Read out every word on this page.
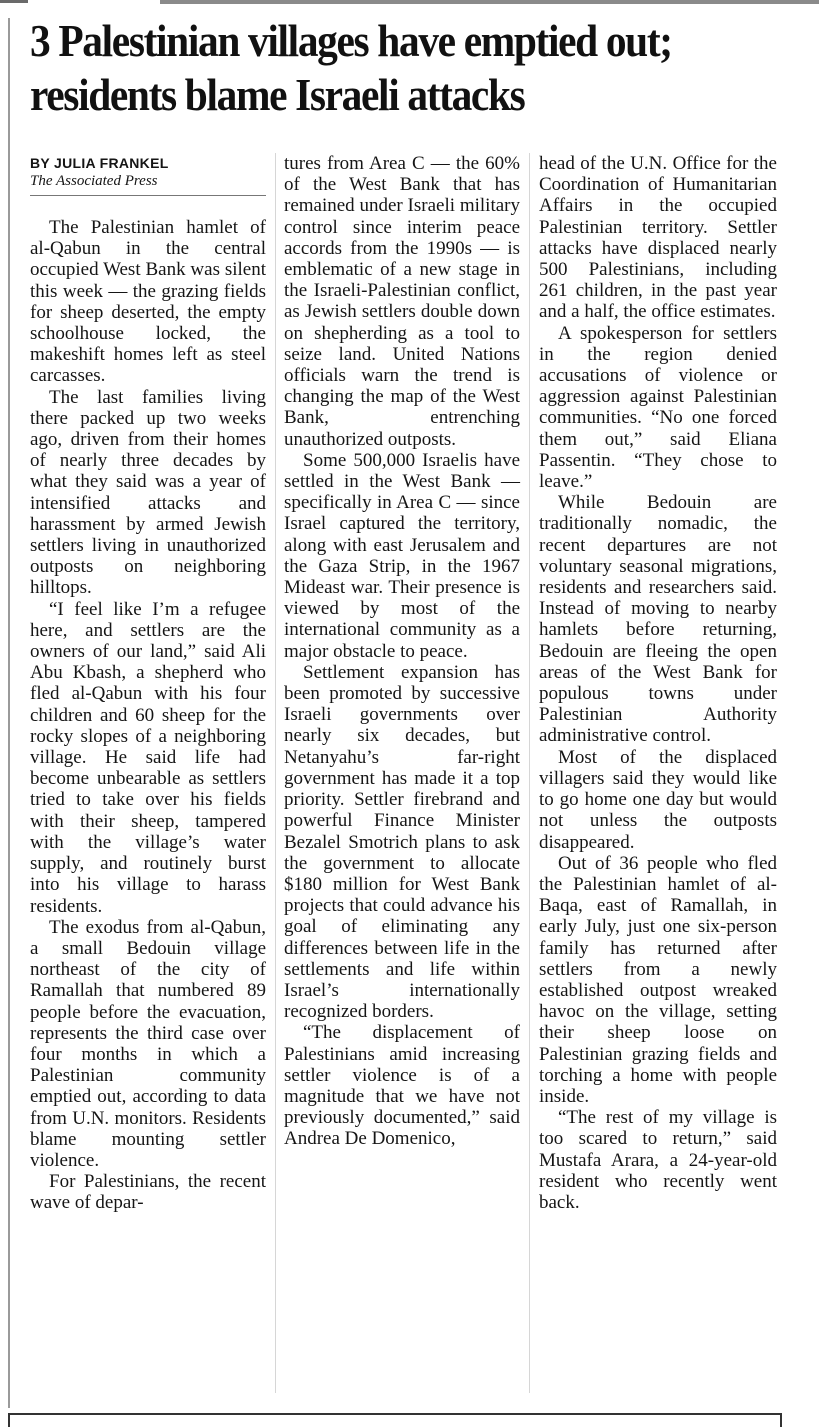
3 Palestinian villages have emptied out; residents blame Israeli attacks
BY JULIA FRANKEL
The Associated Press

The Palestinian hamlet of al-Qabun in the central occupied West Bank was silent this week — the grazing fields for sheep deserted, the empty schoolhouse locked, the makeshift homes left as steel carcasses.

The last families living there packed up two weeks ago, driven from their homes of nearly three decades by what they said was a year of intensified attacks and harassment by armed Jewish settlers living in unauthorized outposts on neighboring hilltops.

“I feel like I’m a refugee here, and settlers are the owners of our land,” said Ali Abu Kbash, a shepherd who fled al-Qabun with his four children and 60 sheep for the rocky slopes of a neighboring village. He said life had become unbearable as settlers tried to take over his fields with their sheep, tampered with the village’s water supply, and routinely burst into his village to harass residents.

The exodus from al-Qabun, a small Bedouin village northeast of the city of Ramallah that numbered 89 people before the evacuation, represents the third case over four months in which a Palestinian community emptied out, according to data from U.N. monitors. Residents blame mounting settler violence.

For Palestinians, the recent wave of depar-

tures from Area C — the 60% of the West Bank that has remained under Israeli military control since interim peace accords from the 1990s — is emblematic of a new stage in the Israeli-Palestinian conflict, as Jewish settlers double down on shepherding as a tool to seize land. United Nations officials warn the trend is changing the map of the West Bank, entrenching unauthorized outposts.

Some 500,000 Israelis have settled in the West Bank — specifically in Area C — since Israel captured the territory, along with east Jerusalem and the Gaza Strip, in the 1967 Mideast war. Their presence is viewed by most of the international community as a major obstacle to peace.

Settlement expansion has been promoted by successive Israeli governments over nearly six decades, but Netanyahu’s far-right government has made it a top priority. Settler firebrand and powerful Finance Minister Bezalel Smotrich plans to ask the government to allocate $180 million for West Bank projects that could advance his goal of eliminating any differences between life in the settlements and life within Israel’s internationally recognized borders.

“The displacement of Palestinians amid increasing settler violence is of a magnitude that we have not previously documented,” said Andrea De Domenico,

head of the U.N. Office for the Coordination of Humanitarian Affairs in the occupied Palestinian territory. Settler attacks have displaced nearly 500 Palestinians, including 261 children, in the past year and a half, the office estimates.

A spokesperson for settlers in the region denied accusations of violence or aggression against Palestinian communities. “No one forced them out,” said Eliana Passentin. “They chose to leave.”

While Bedouin are traditionally nomadic, the recent departures are not voluntary seasonal migrations, residents and researchers said. Instead of moving to nearby hamlets before returning, Bedouin are fleeing the open areas of the West Bank for populous towns under Palestinian Authority administrative control.

Most of the displaced villagers said they would like to go home one day but would not unless the outposts disappeared.

Out of 36 people who fled the Palestinian hamlet of al-Baqa, east of Ramallah, in early July, just one six-person family has returned after settlers from a newly established outpost wreaked havoc on the village, setting their sheep loose on Palestinian grazing fields and torching a home with people inside.

“The rest of my village is too scared to return,” said Mustafa Arara, a 24-year-old resident who recently went back.
